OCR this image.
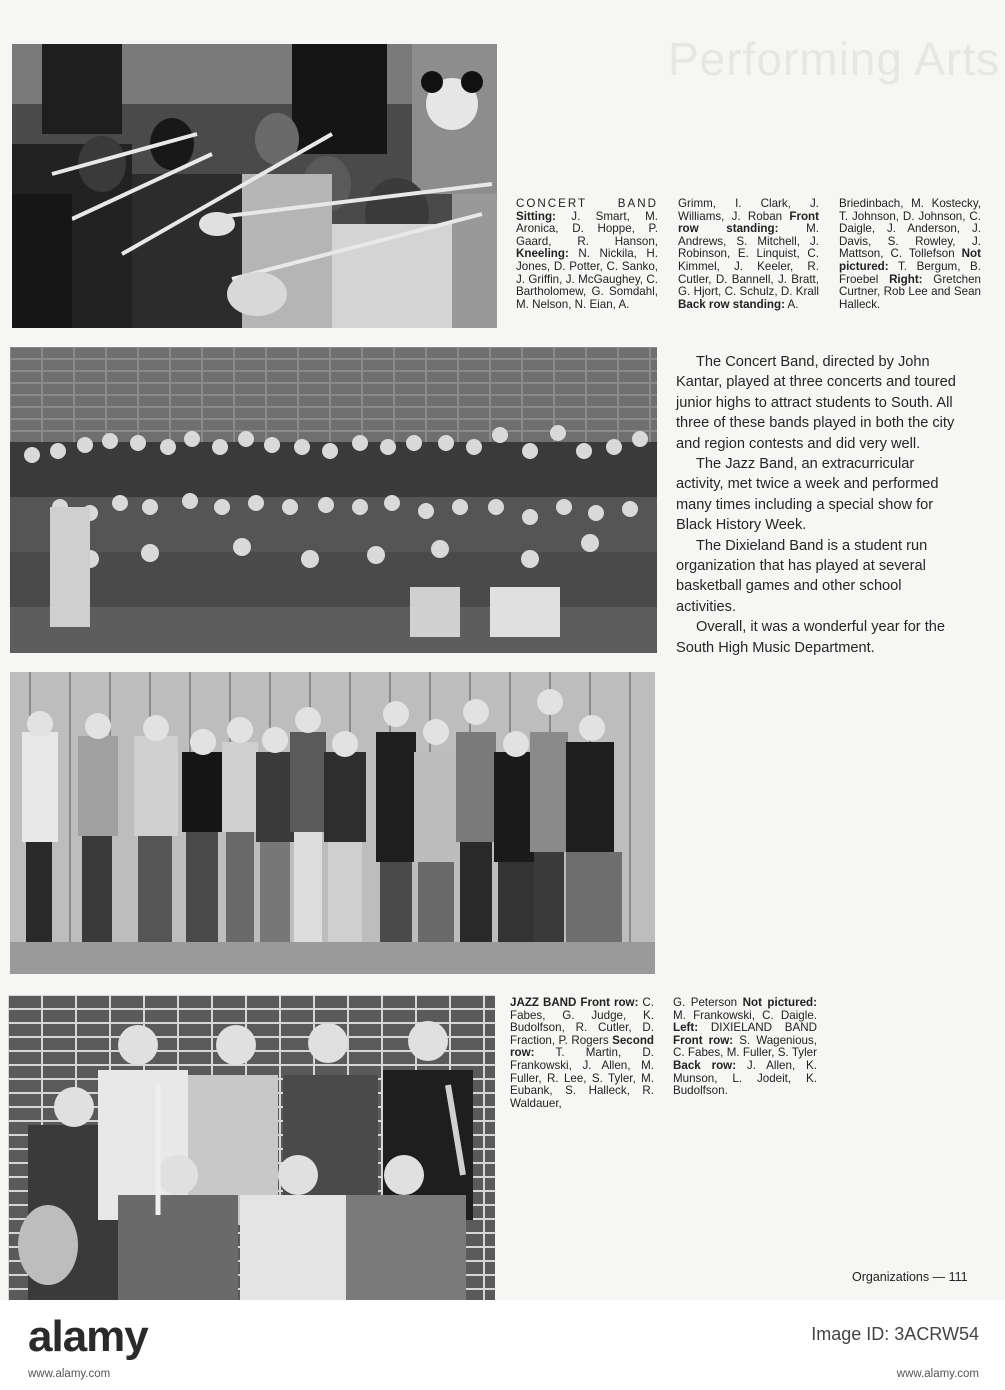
Performing Arts
CONCERT BAND Sitting: J. Smart, M. Aronica, D. Hoppe, P. Gaard, R. Hanson, Kneeling: N. Nickila, H. Jones, D. Potter, C. Sanko, J. Griffin, J. McGaughey, C. Bartholomew, G. Somdahl, M. Nelson, N. Eian, A.
Grimm, I. Clark, J. Williams, J. Roban Front row standing: M. Andrews, S. Mitchell, J. Robinson, E. Linquist, C. Kimmel, J. Keeler, R. Cutler, D. Bannell, J. Bratt, G. Hjort, C. Schulz, D. Krall Back row standing: A.
Briedinbach, M. Kostecky, T. Johnson, D. Johnson, C. Daigle, J. Anderson, J. Davis, S. Rowley, J. Mattson, C. Tollefson Not pictured: T. Bergum, B. Froebel Right: Gretchen Curtner, Rob Lee and Sean Halleck.

The Concert Band, directed by John Kantar, played at three concerts and toured junior highs to attract students to South. All three of these bands played in both the city and region contests and did very well.

The Jazz Band, an extracurricular activity, met twice a week and performed many times including a special show for Black History Week.

The Dixieland Band is a student run organization that has played at several basketball games and other school activities.

Overall, it was a wonderful year for the South High Music Department.

JAZZ BAND Front row: C. Fabes, G. Judge, K. Budolfson, R. Cutler, D. Fraction, P. Rogers Second row: T. Martin, D. Frankowski, J. Allen, M. Fuller, R. Lee, S. Tyler, M. Eubank, S. Halleck, R. Waldauer,
G. Peterson Not pictured: M. Frankowski, C. Daigle. Left: DIXIELAND BAND Front row: S. Wagenious, C. Fabes, M. Fuller, S. Tyler Back row: J. Allen, K. Munson, L. Jodeit, K. Budolfson.
Organizations — 111
alamy
www.alamy.com
Image ID: 3ACRW54
www.alamy.com
